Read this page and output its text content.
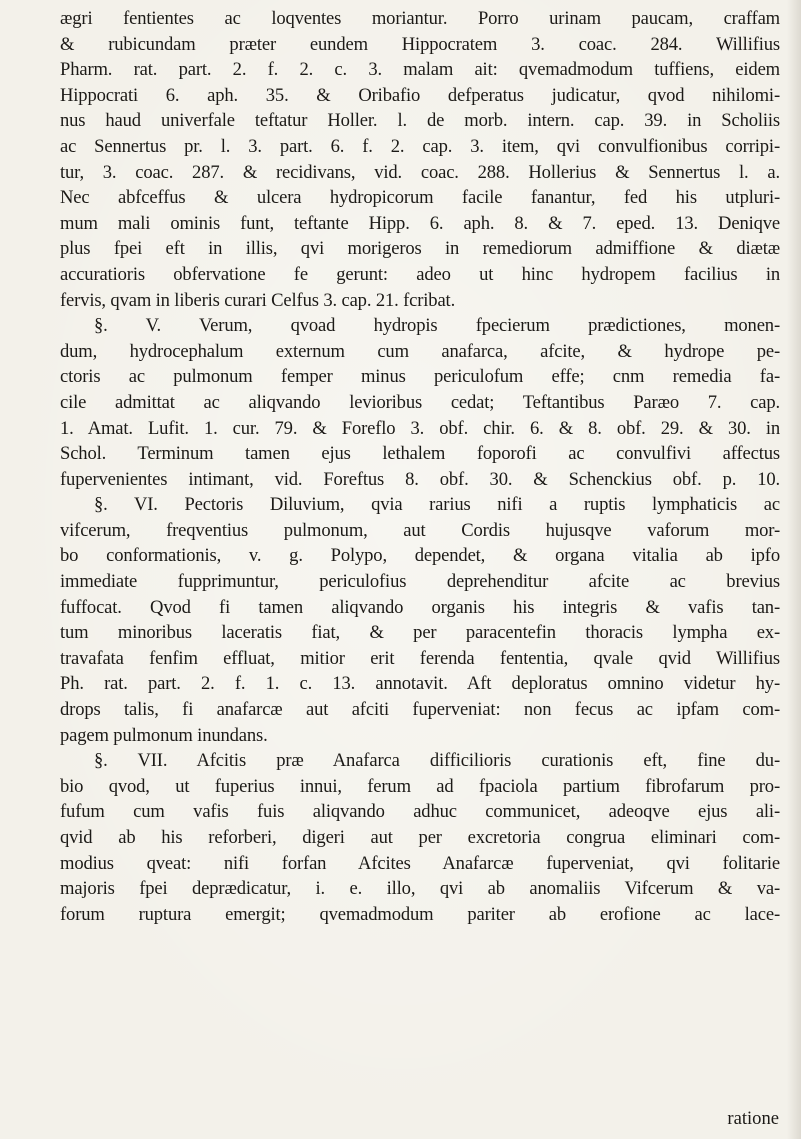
ægri fentientes ac loqventes moriantur. Porro urinam paucam, craffam
& rubicundam præter eundem Hippocratem 3. coac. 284. Willifius
Pharm. rat. part. 2. f. 2. c. 3. malam ait: qvemadmodum tuffiens, eidem
Hippocrati 6. aph. 35. & Oribafio defperatus judicatur, qvod nihilomi-
nus haud univerfale teftatur Holler. l. de morb. intern. cap. 39. in Scholiis
ac Sennertus pr. l. 3. part. 6. f. 2. cap. 3. item, qvi convulfionibus corripi-
tur, 3. coac. 287. & recidivans, vid. coac. 288. Hollerius & Sennertus l. a.
Nec abfceffus & ulcera hydropicorum facile fanantur, fed his utpluri-
mum mali ominis funt, teftante Hipp. 6. aph. 8. & 7. eped. 13. Deniqve
plus fpei eft in illis, qvi morigeros in remediorum admiffione & diætæ
accuratioris obfervatione fe gerunt: adeo ut hinc hydropem facilius in
fervis, qvam in liberis curari Celfus 3. cap. 21. fcribat.
§. V. Verum, qvoad hydropis fpecierum prædictiones, monen-
dum, hydrocephalum externum cum anafarca, afcite, & hydrope pe-
ctoris ac pulmonum femper minus periculofum effe; cnm remedia fa-
cile admittat ac aliqvando levioribus cedat; Teftantibus Paræo 7. cap.
1. Amat. Lufit. 1. cur. 79. & Foreflo 3. obf. chir. 6. & 8. obf. 29. & 30. in
Schol. Terminum tamen ejus lethalem foporofi ac convulfivi affectus
fupervenientes intimant, vid. Foreftus 8. obf. 30. & Schenckius obf. p. 10.
§. VI. Pectoris Diluvium, qvia rarius nifi a ruptis lymphaticis ac
vifcerum, freqventius pulmonum, aut Cordis hujusqve vaforum mor-
bo conformationis, v. g. Polypo, dependet, & organa vitalia ab ipfo
immediate fupprimuntur, periculofius deprehenditur afcite ac brevius
fuffocat. Qvod fi tamen aliqvando organis his integris & vafis tan-
tum minoribus laceratis fiat, & per paracentefin thoracis lympha ex-
travafata fenfim effluat, mitior erit ferenda fententia, qvale qvid Willifius
Ph. rat. part. 2. f. 1. c. 13. annotavit. Aft deploratus omnino videtur hy-
drops talis, fi anafarcæ aut afciti fuperveniat: non fecus ac ipfam com-
pagem pulmonum inundans.
§. VII. Afcitis præ Anafarca difficilioris curationis eft, fine du-
bio qvod, ut fuperius innui, ferum ad fpaciola partium fibrofarum pro-
fufum cum vafis fuis aliqvando adhuc communicet, adeoqve ejus ali-
qvid ab his reforberi, digeri aut per excretoria congrua eliminari com-
modius qveat: nifi forfan Afcites Anafarcæ fuperveniat, qvi folitarie
majoris fpei deprædicatur, i. e. illo, qvi ab anomaliis Vifcerum & va-
forum ruptura emergit; qvemadmodum pariter ab erofione ac lace-
ratione
